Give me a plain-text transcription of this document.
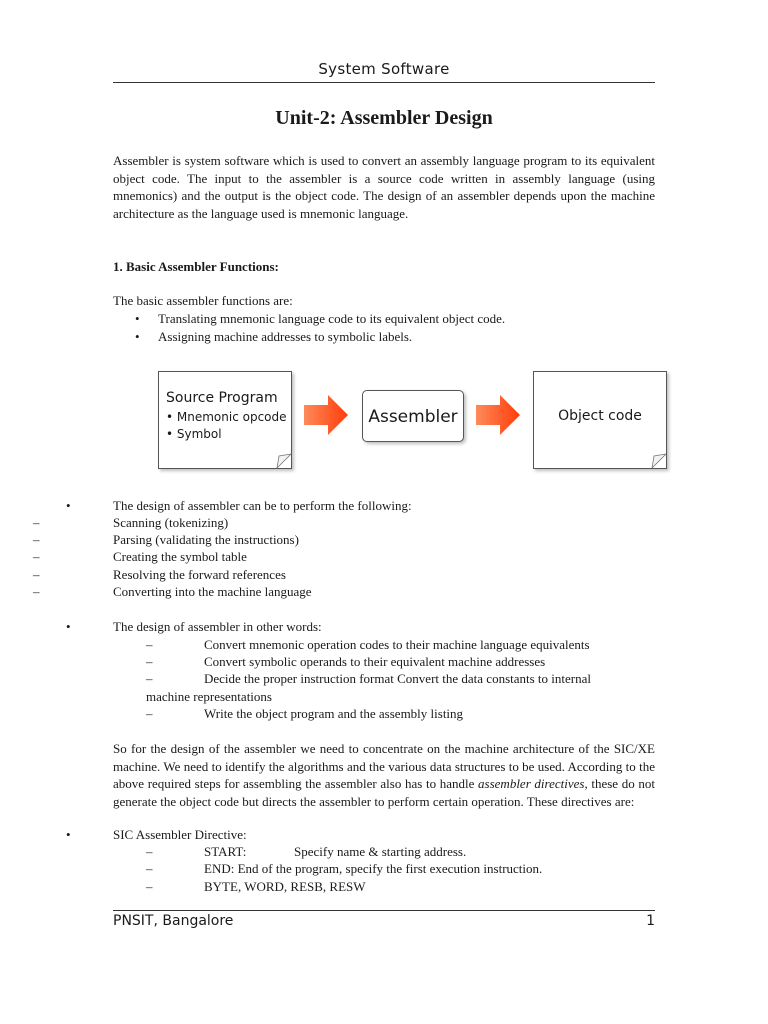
System Software
Unit-2: Assembler Design
Assembler is system software which is used to convert an assembly language program to its equivalent object code. The input to the assembler is a source code written in assembly language (using mnemonics) and the output is the object code. The design of an assembler depends upon the machine architecture as the language used is mnemonic language.
1. Basic Assembler Functions:
The basic assembler functions are:
• Translating mnemonic language code to its equivalent object code.
• Assigning machine addresses to symbolic labels.
Source Program
• Mnemonic opcode
• Symbol
Assembler	Object code
•	The design of assembler can be to perform the following:
–	Scanning (tokenizing)
–	Parsing (validating the instructions)
–	Creating the symbol table
–	Resolving the forward references
–	Converting into the machine language
•	The design of assembler in other words:
–	Convert mnemonic operation codes to their machine language equivalents
–	Convert symbolic operands to their equivalent machine addresses
–	Decide the proper instruction format Convert the data constants to internal
machine representations
–	Write the object program and the assembly listing
So for the design of the assembler we need to concentrate on the machine architecture of the SIC/XE machine. We need to identify the algorithms and the various data structures to be used. According to the above required steps for assembling the assembler also has to handle assembler directives, these do not generate the object code but directs the assembler to perform certain operation. These directives are:
•	SIC Assembler Directive:
–	START:	Specify name & starting address.
–	END: End of the program, specify the first execution instruction.
–	BYTE, WORD, RESB, RESW
PNSIT, Bangalore	1
